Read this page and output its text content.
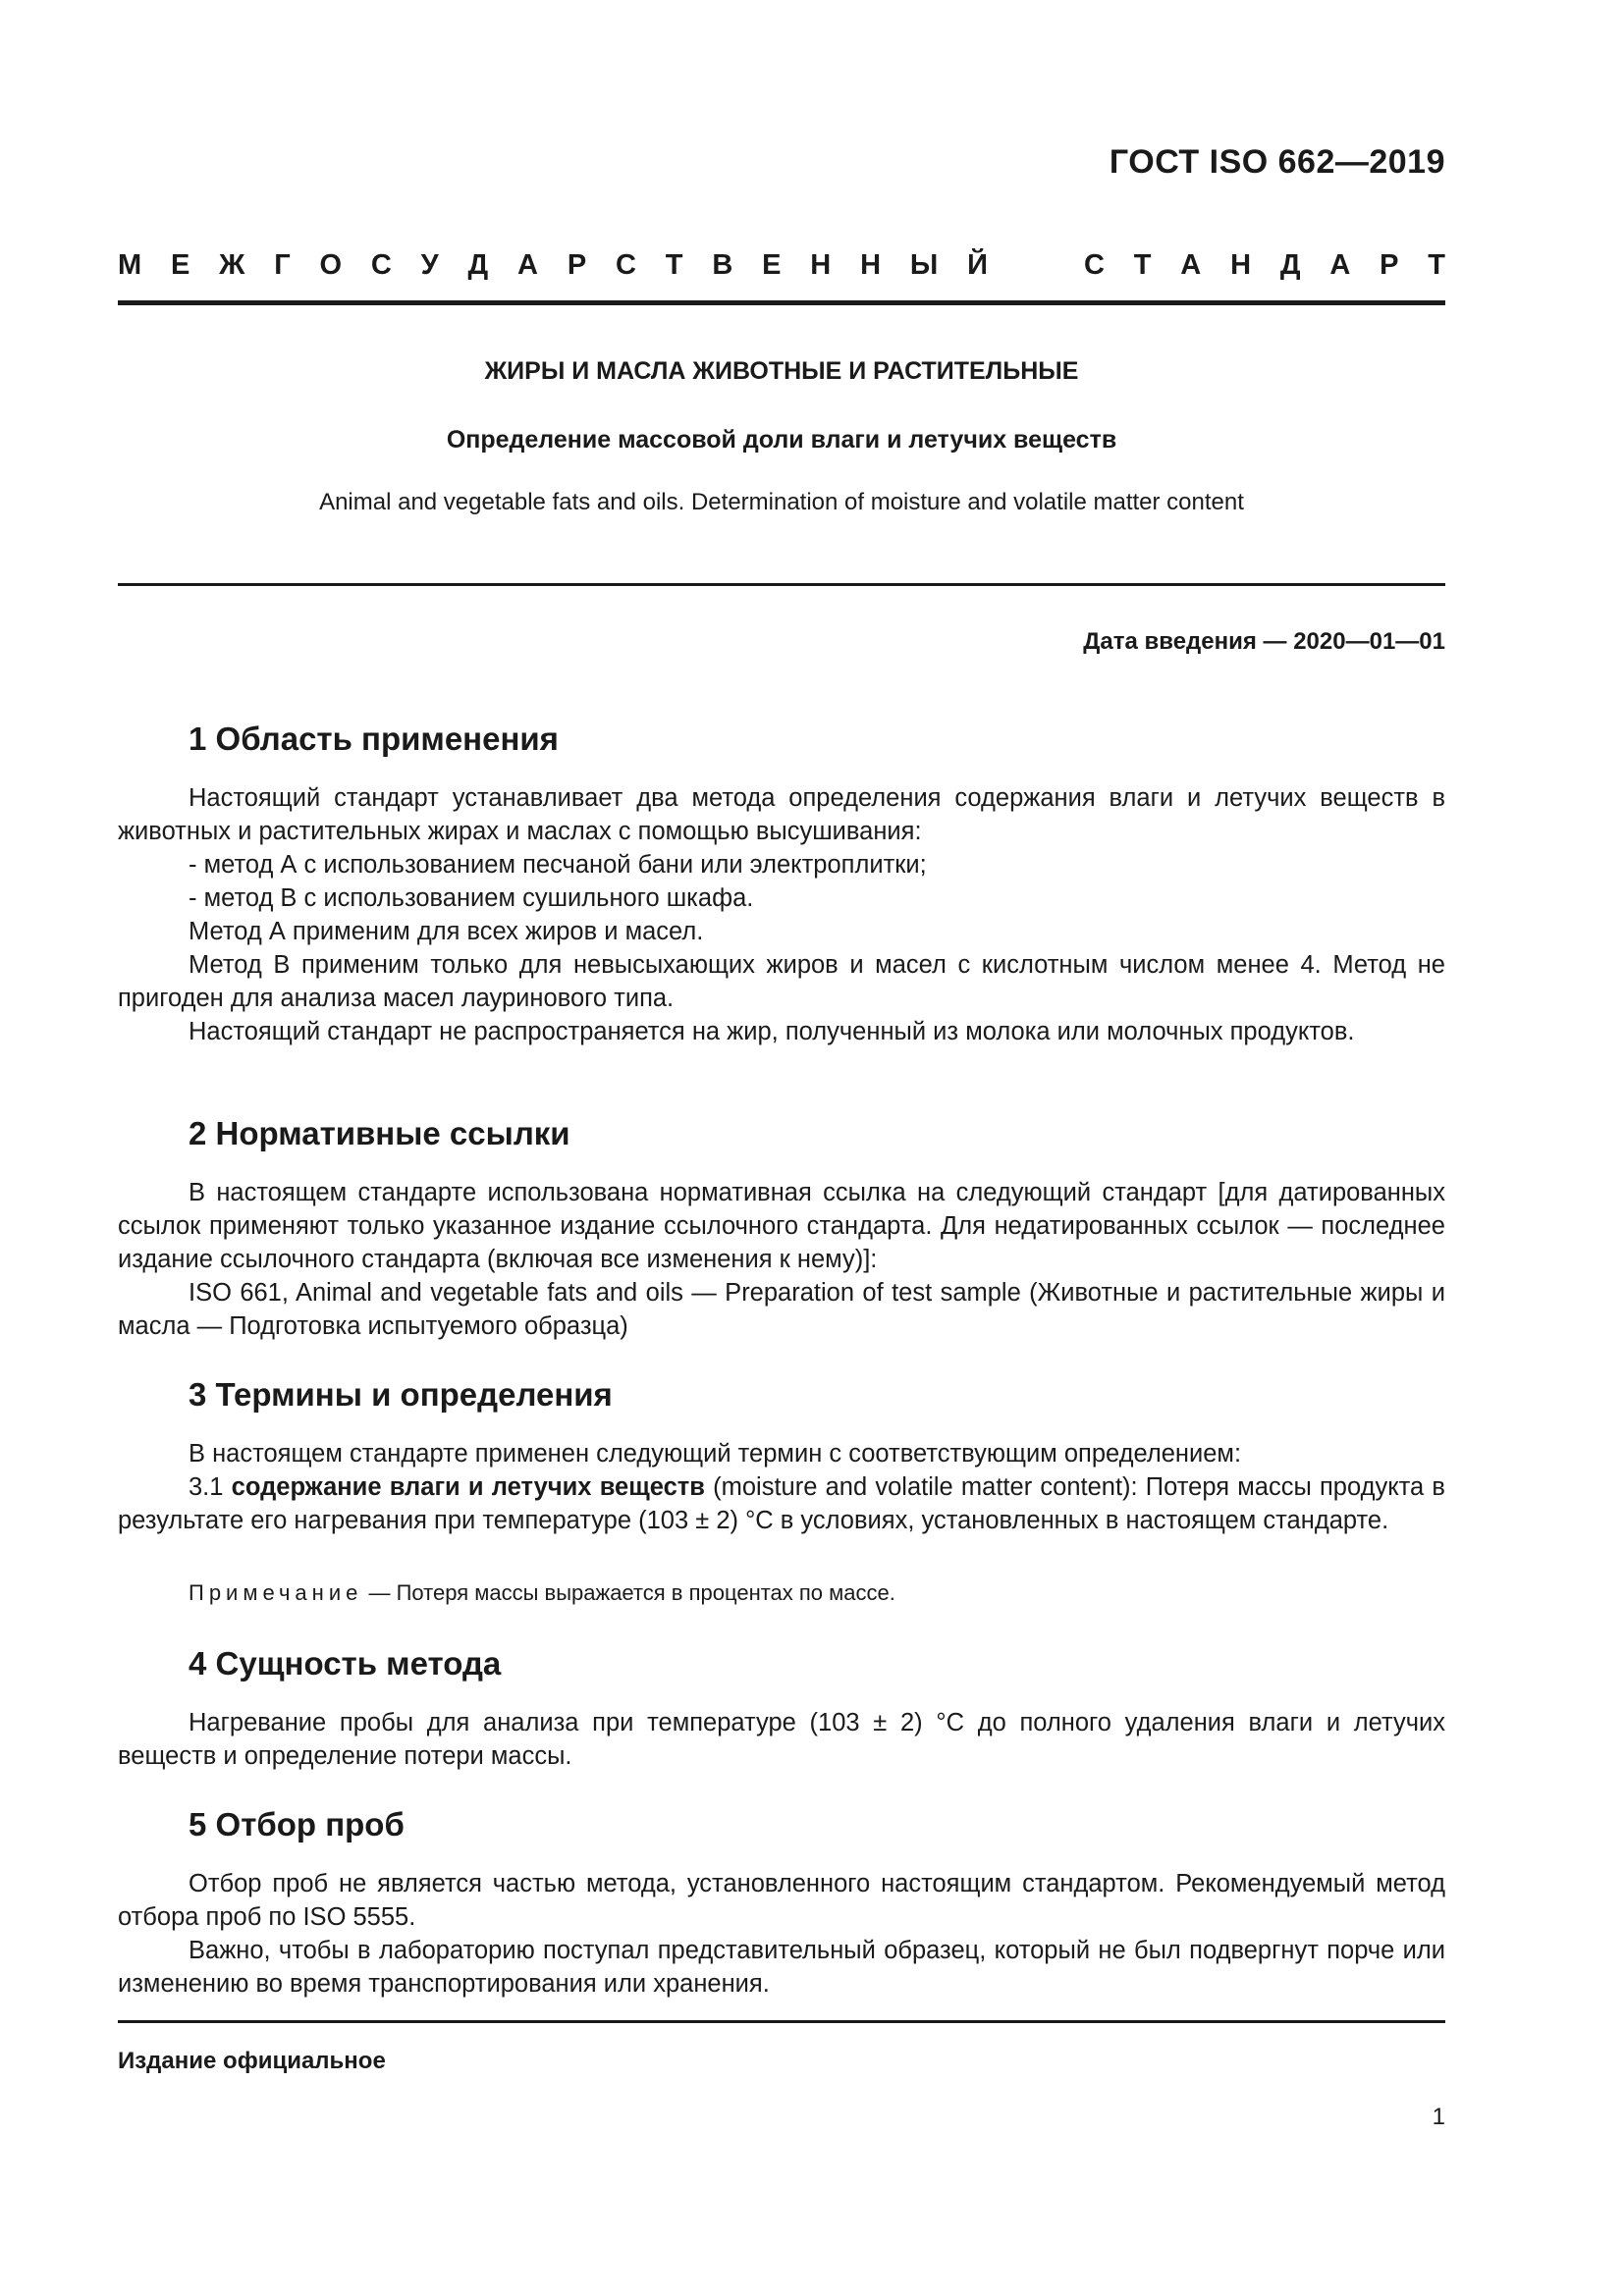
ГОСТ ISO 662—2019
М Е Ж Г О С У Д А Р С Т В Е Н Н Ы Й	С Т А Н Д А Р Т
ЖИРЫ И МАСЛА ЖИВОТНЫЕ И РАСТИТЕЛЬНЫЕ
Определение массовой доли влаги и летучих веществ
Animal and vegetable fats and oils. Determination of moisture and volatile matter content
Дата введения — 2020—01—01
1 Область применения

Настоящий стандарт устанавливает два метода определения содержания влаги и летучих веществ в животных и растительных жирах и маслах с помощью высушивания:

- метод А с использованием песчаной бани или электроплитки;

- метод В с использованием сушильного шкафа.

Метод А применим для всех жиров и масел.

Метод В применим только для невысыхающих жиров и масел с кислотным числом менее 4. Метод не пригоден для анализа масел лауринового типа.

Настоящий стандарт не распространяется на жир, полученный из молока или молочных продуктов.

2 Нормативные ссылки

В настоящем стандарте использована нормативная ссылка на следующий стандарт [для датированных ссылок применяют только указанное издание ссылочного стандарта. Для недатированных ссылок — последнее издание ссылочного стандарта (включая все изменения к нему)]:

ISO 661, Animal and vegetable fats and oils — Preparation of test sample (Животные и растительные жиры и масла — Подготовка испытуемого образца)

3 Термины и определения

В настоящем стандарте применен следующий термин с соответствующим определением:

3.1 содержание влаги и летучих веществ (moisture and volatile matter content): Потеря массы продукта в результате его нагревания при температуре (103 ± 2) °С в условиях, установленных в настоящем стандарте.

Примечание — Потеря массы выражается в процентах по массе.

4 Сущность метода

Нагревание пробы для анализа при температуре (103 ± 2) °С до полного удаления влаги и летучих веществ и определение потери массы.

5 Отбор проб

Отбор проб не является частью метода, установленного настоящим стандартом. Рекомендуемый метод отбора проб по ISO 5555.

Важно, чтобы в лабораторию поступал представительный образец, который не был подвергнут порче или изменению во время транспортирования или хранения.

Издание официальное
1
